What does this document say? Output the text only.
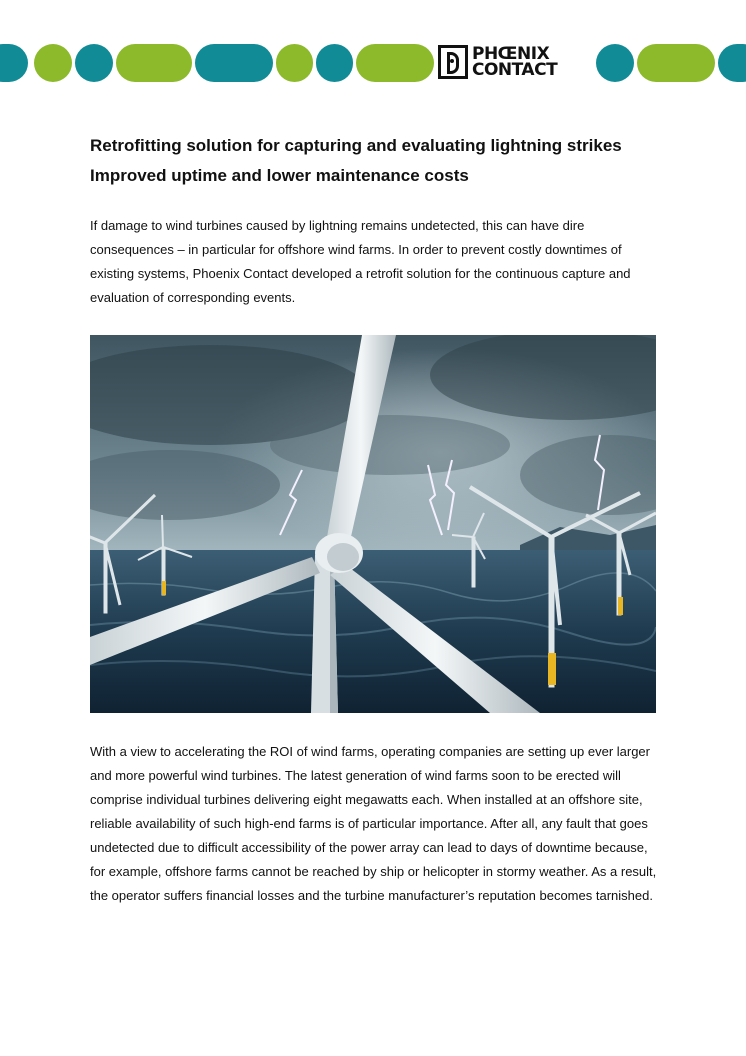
PHŒNIX
CONTACT
Retrofitting solution for capturing and evaluating lightning strikes
Improved uptime and lower maintenance costs

If damage to wind turbines caused by lightning remains undetected, this can have dire consequences – in particular for offshore wind farms. In order to prevent costly downtimes of existing systems, Phoenix Contact developed a retrofit solution for the continuous capture and evaluation of corresponding events.

With a view to accelerating the ROI of wind farms, operating companies are setting up ever larger and more powerful wind turbines. The latest generation of wind farms soon to be erected will comprise individual turbines delivering eight megawatts each. When installed at an offshore site, reliable availability of such high-end farms is of particular importance. After all, any fault that goes undetected due to difficult accessibility of the power array can lead to days of downtime because, for example, offshore farms cannot be reached by ship or helicopter in stormy weather. As a result, the operator suffers financial losses and the turbine manufacturer’s reputation becomes tarnished.
